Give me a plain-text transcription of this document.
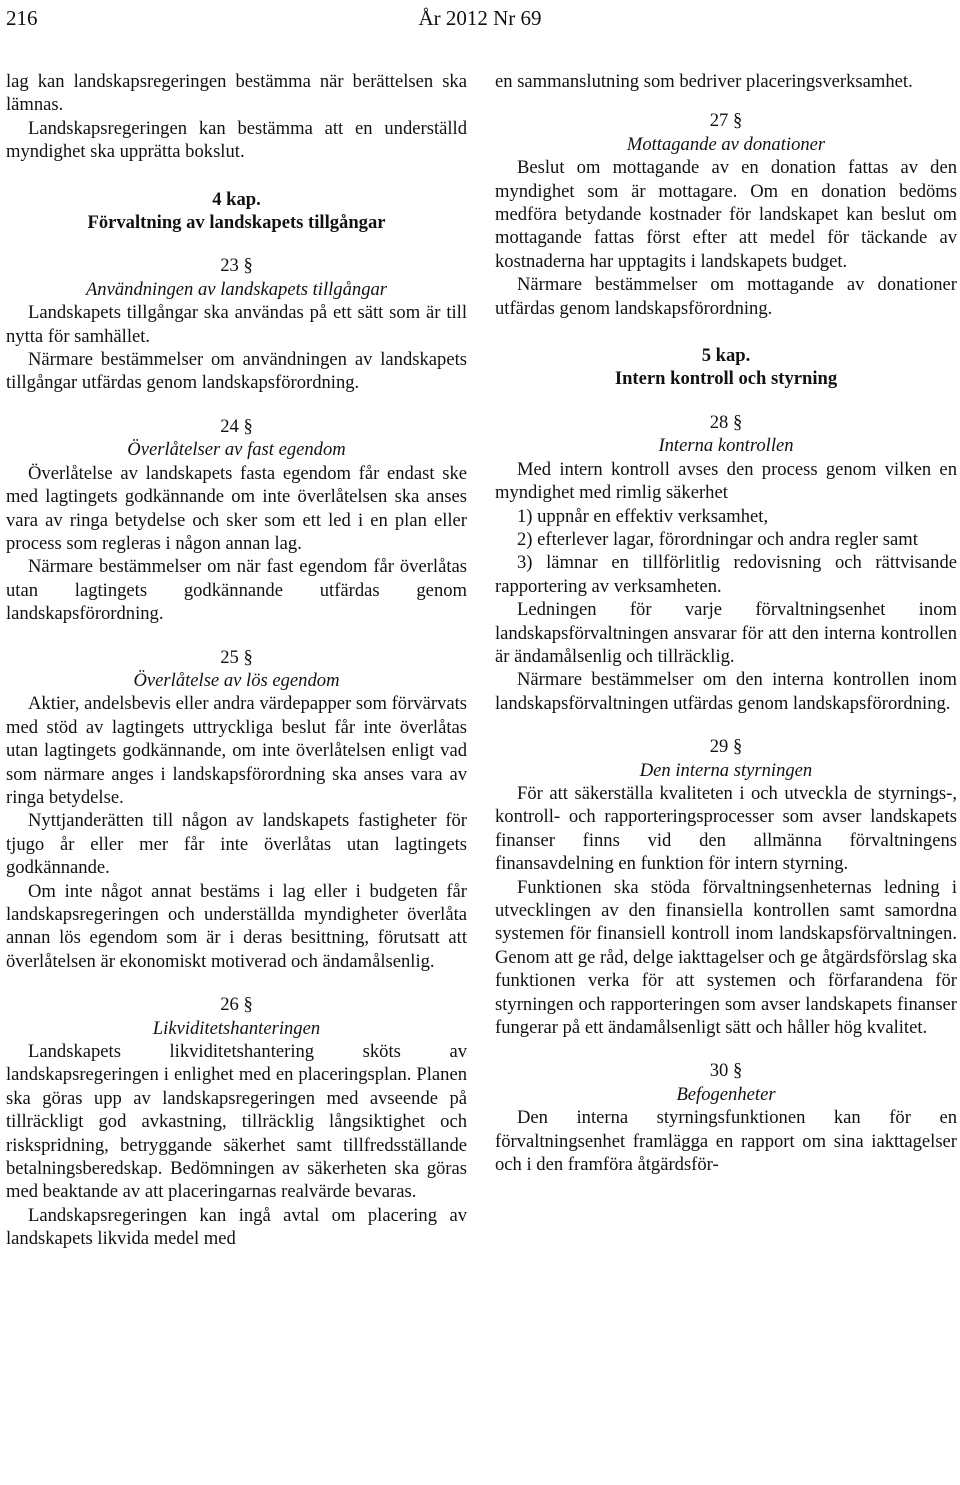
216	År 2012 Nr 69

lag kan landskapsregeringen bestämma när berättelsen ska lämnas.

Landskapsregeringen kan bestämma att en underställd myndighet ska upprätta bokslut.

4 kap.

Förvaltning av landskapets tillgångar

23 §

Användningen av landskapets tillgångar

Landskapets tillgångar ska användas på ett sätt som är till nytta för samhället.

Närmare bestämmelser om användningen av landskapets tillgångar utfärdas genom landskapsförordning.

24 §

Överlåtelser av fast egendom

Överlåtelse av landskapets fasta egendom får endast ske med lagtingets godkännande om inte överlåtelsen ska anses vara av ringa betydelse och sker som ett led i en plan eller process som regleras i någon annan lag.

Närmare bestämmelser om när fast egendom får överlåtas utan lagtingets godkännande utfärdas genom landskapsförordning.

25 §

Överlåtelse av lös egendom

Aktier, andelsbevis eller andra värdepapper som förvärvats med stöd av lagtingets uttryckliga beslut får inte överlåtas utan lagtingets godkännande, om inte överlåtelsen enligt vad som närmare anges i landskapsförordning ska anses vara av ringa betydelse.

Nyttjanderätten till någon av landskapets fastigheter för tjugo år eller mer får inte överlåtas utan lagtingets godkännande.

Om inte något annat bestäms i lag eller i budgeten får landskapsregeringen och underställda myndigheter överlåta annan lös egendom som är i deras besittning, förutsatt att överlåtelsen är ekonomiskt motiverad och ändamålsenlig.

26 §

Likviditetshanteringen

Landskapets likviditetshantering sköts av landskapsregeringen i enlighet med en placeringsplan. Planen ska göras upp av landskapsregeringen med avseende på tillräckligt god avkastning, tillräcklig långsiktighet och riskspridning, betryggande säkerhet samt tillfredsställande betalningsberedskap. Bedömningen av säkerheten ska göras med beaktande av att placeringarnas realvärde bevaras.

Landskapsregeringen kan ingå avtal om placering av landskapets likvida medel med

en sammanslutning som bedriver placeringsverksamhet.

27 §

Mottagande av donationer

Beslut om mottagande av en donation fattas av den myndighet som är mottagare. Om en donation bedöms medföra betydande kostnader för landskapet kan beslut om mottagande fattas först efter att medel för täckande av kostnaderna har upptagits i landskapets budget.

Närmare bestämmelser om mottagande av donationer utfärdas genom landskapsförordning.

5 kap.

Intern kontroll och styrning

28 §

Interna kontrollen

Med intern kontroll avses den process genom vilken en myndighet med rimlig säkerhet

1) uppnår en effektiv verksamhet,

2) efterlever lagar, förordningar och andra regler samt

3) lämnar en tillförlitlig redovisning och rättvisande rapportering av verksamheten.

Ledningen för varje förvaltningsenhet inom landskapsförvaltningen ansvarar för att den interna kontrollen är ändamålsenlig och tillräcklig.

Närmare bestämmelser om den interna kontrollen inom landskapsförvaltningen utfärdas genom landskapsförordning.

29 §

Den interna styrningen

För att säkerställa kvaliteten i och utveckla de styrnings-, kontroll- och rapporteringsprocesser som avser landskapets finanser finns vid den allmänna förvaltningens finansavdelning en funktion för intern styrning.

Funktionen ska stöda förvaltningsenheternas ledning i utvecklingen av den finansiella kontrollen samt samordna systemen för finansiell kontroll inom landskapsförvaltningen. Genom att ge råd, delge iakttagelser och ge åtgärdsförslag ska funktionen verka för att systemen och förfarandena för styrningen och rapporteringen som avser landskapets finanser fungerar på ett ändamålsenligt sätt och håller hög kvalitet.

30 §

Befogenheter

Den interna styrningsfunktionen kan för en förvaltningsenhet framlägga en rapport om sina iakttagelser och i den framföra åtgärdsför-
